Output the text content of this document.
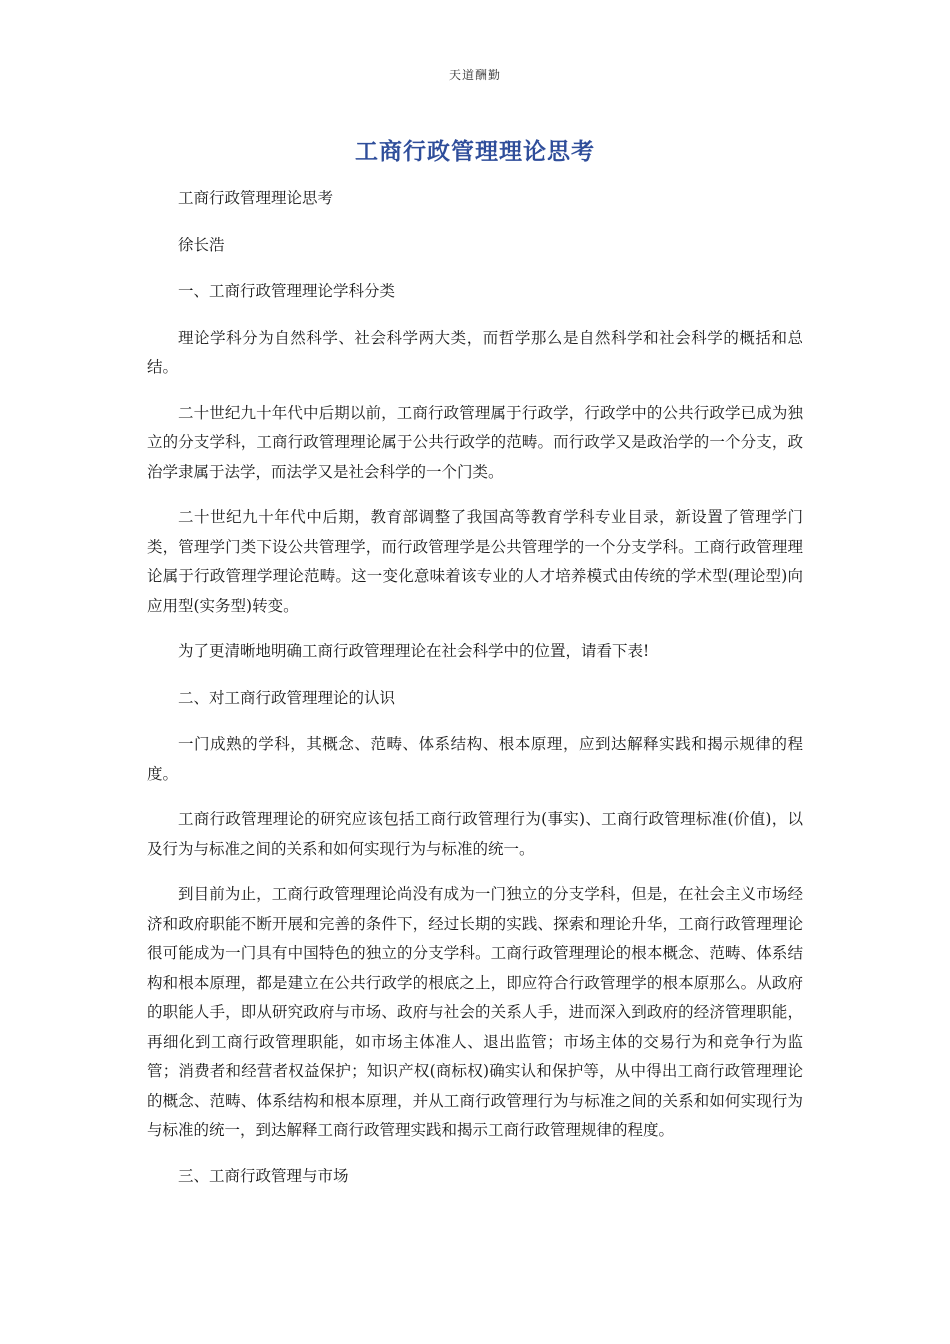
天道酬勤
工商行政管理理论思考

工商行政管理理论思考

徐长浩

一、工商行政管理理论学科分类

理论学科分为自然科学、社会科学两大类，而哲学那么是自然科学和社会科学的概括和总结。

二十世纪九十年代中后期以前，工商行政管理属于行政学，行政学中的公共行政学已成为独立的分支学科，工商行政管理理论属于公共行政学的范畴。而行政学又是政治学的一个分支，政治学隶属于法学，而法学又是社会科学的一个门类。

二十世纪九十年代中后期，教育部调整了我国高等教育学科专业目录，新设置了管理学门类，管理学门类下设公共管理学，而行政管理学是公共管理学的一个分支学科。工商行政管理理论属于行政管理学理论范畴。这一变化意味着该专业的人才培养模式由传统的学术型(理论型)向应用型(实务型)转变。

为了更清晰地明确工商行政管理理论在社会科学中的位置，请看下表!

二、对工商行政管理理论的认识

一门成熟的学科，其概念、范畴、体系结构、根本原理，应到达解释实践和揭示规律的程度。

工商行政管理理论的研究应该包括工商行政管理行为(事实)、工商行政管理标准(价值)，以及行为与标准之间的关系和如何实现行为与标准的统一。

到目前为止，工商行政管理理论尚没有成为一门独立的分支学科，但是，在社会主义市场经济和政府职能不断开展和完善的条件下，经过长期的实践、探索和理论升华，工商行政管理理论很可能成为一门具有中国特色的独立的分支学科。工商行政管理理论的根本概念、范畴、体系结构和根本原理，都是建立在公共行政学的根底之上，即应符合行政管理学的根本原那么。从政府的职能人手，即从研究政府与市场、政府与社会的关系人手，进而深入到政府的经济管理职能，再细化到工商行政管理职能，如市场主体准人、退出监管；市场主体的交易行为和竞争行为监管；消费者和经营者权益保护；知识产权(商标权)确实认和保护等，从中得出工商行政管理理论的概念、范畴、体系结构和根本原理，并从工商行政管理行为与标准之间的关系和如何实现行为与标准的统一，到达解释工商行政管理实践和揭示工商行政管理规律的程度。

三、工商行政管理与市场
